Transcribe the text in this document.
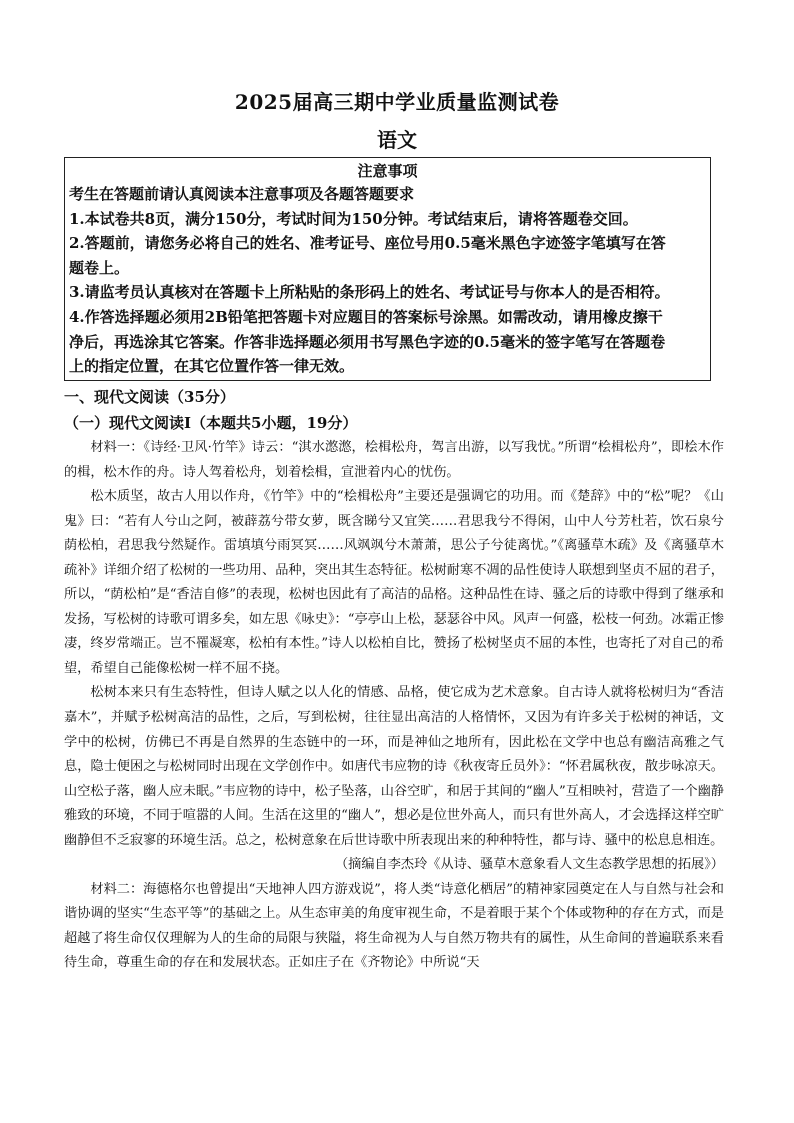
2025届高三期中学业质量监测试卷
语文
注意事项
考生在答题前请认真阅读本注意事项及各题答题要求
1.本试卷共8页，满分150分，考试时间为150分钟。考试结束后，请将答题卷交回。
2.答题前，请您务必将自己的姓名、准考证号、座位号用0.5毫米黑色字迹签字笔填写在答
题卷上。
3.请监考员认真核对在答题卡上所粘贴的条形码上的姓名、考试证号与你本人的是否相符。
4.作答选择题必须用2B铅笔把答题卡对应题目的答案标号涂黑。如需改动，请用橡皮擦干
净后，再选涂其它答案。作答非选择题必须用书写黑色字迹的0.5毫米的签字笔写在答题卷
上的指定位置，在其它位置作答一律无效。
一、现代文阅读（35分）
（一）现代文阅读Ⅰ（本题共5小题，19分）

材料一：《诗经·卫风·竹竿》诗云：“淇水滺滺，桧楫松舟，驾言出游，以写我忧。”所谓“桧楫松舟”，即桧木作的楫，松木作的舟。诗人驾着松舟，划着桧楫，宣泄着内心的忧伤。

松木质坚，故古人用以作舟，《竹竿》中的“桧楫松舟”主要还是强调它的功用。而《楚辞》中的“松”呢？《山鬼》曰：“若有人兮山之阿，被薜荔兮带女萝，既含睇兮又宜笑……君思我兮不得闲，山中人兮芳杜若，饮石泉兮荫松柏，君思我兮然疑作。雷填填兮雨冥冥……风飒飒兮木萧萧，思公子兮徒离忧。”《离骚草木疏》及《离骚草木疏补》详细介绍了松树的一些功用、品种，突出其生态特征。松树耐寒不凋的品性使诗人联想到坚贞不屈的君子，所以，“荫松柏”是“香洁自修”的表现，松树也因此有了高洁的品格。这种品性在诗、骚之后的诗歌中得到了继承和发扬，写松树的诗歌可谓多矣，如左思《咏史》：“亭亭山上松，瑟瑟谷中风。风声一何盛，松枝一何劲。冰霜正惨凄，终岁常端正。岂不罹凝寒，松柏有本性。”诗人以松柏自比，赞扬了松树坚贞不屈的本性，也寄托了对自己的希望，希望自己能像松树一样不屈不挠。

松树本来只有生态特性，但诗人赋之以人化的情感、品格，使它成为艺术意象。自古诗人就将松树归为“香洁嘉木”，并赋予松树高洁的品性，之后，写到松树，往往显出高洁的人格情怀，又因为有许多关于松树的神话，文学中的松树，仿佛已不再是自然界的生态链中的一环，而是神仙之地所有，因此松在文学中也总有幽洁高雅之气息，隐士便困之与松树同时出现在文学创作中。如唐代韦应物的诗《秋夜寄丘员外》：“怀君属秋夜，散步咏凉天。山空松子落，幽人应未眠。”韦应物的诗中，松子坠落，山谷空旷，和居于其间的“幽人”互相映衬，营造了一个幽静雅致的环境，不同于喧嚣的人间。生活在这里的“幽人”，想必是位世外高人，而只有世外高人，才会选择这样空旷幽静但不乏寂寥的环境生活。总之，松树意象在后世诗歌中所表现出来的种种特性，都与诗、骚中的松息息相连。

（摘编自李杰玲《从诗、骚草木意象看人文生态教学思想的拓展》）

材料二：海德格尔也曾提出“天地神人四方游戏说”，将人类“诗意化栖居”的精神家园奠定在人与自然与社会和谐协调的坚实“生态平等”的基础之上。从生态审美的角度审视生命，不是着眼于某个个体或物种的存在方式，而是超越了将生命仅仅理解为人的生命的局限与狭隘，将生命视为人与自然万物共有的属性，从生命间的普遍联系来看待生命，尊重生命的存在和发展状态。正如庄子在《齐物论》中所说“天
